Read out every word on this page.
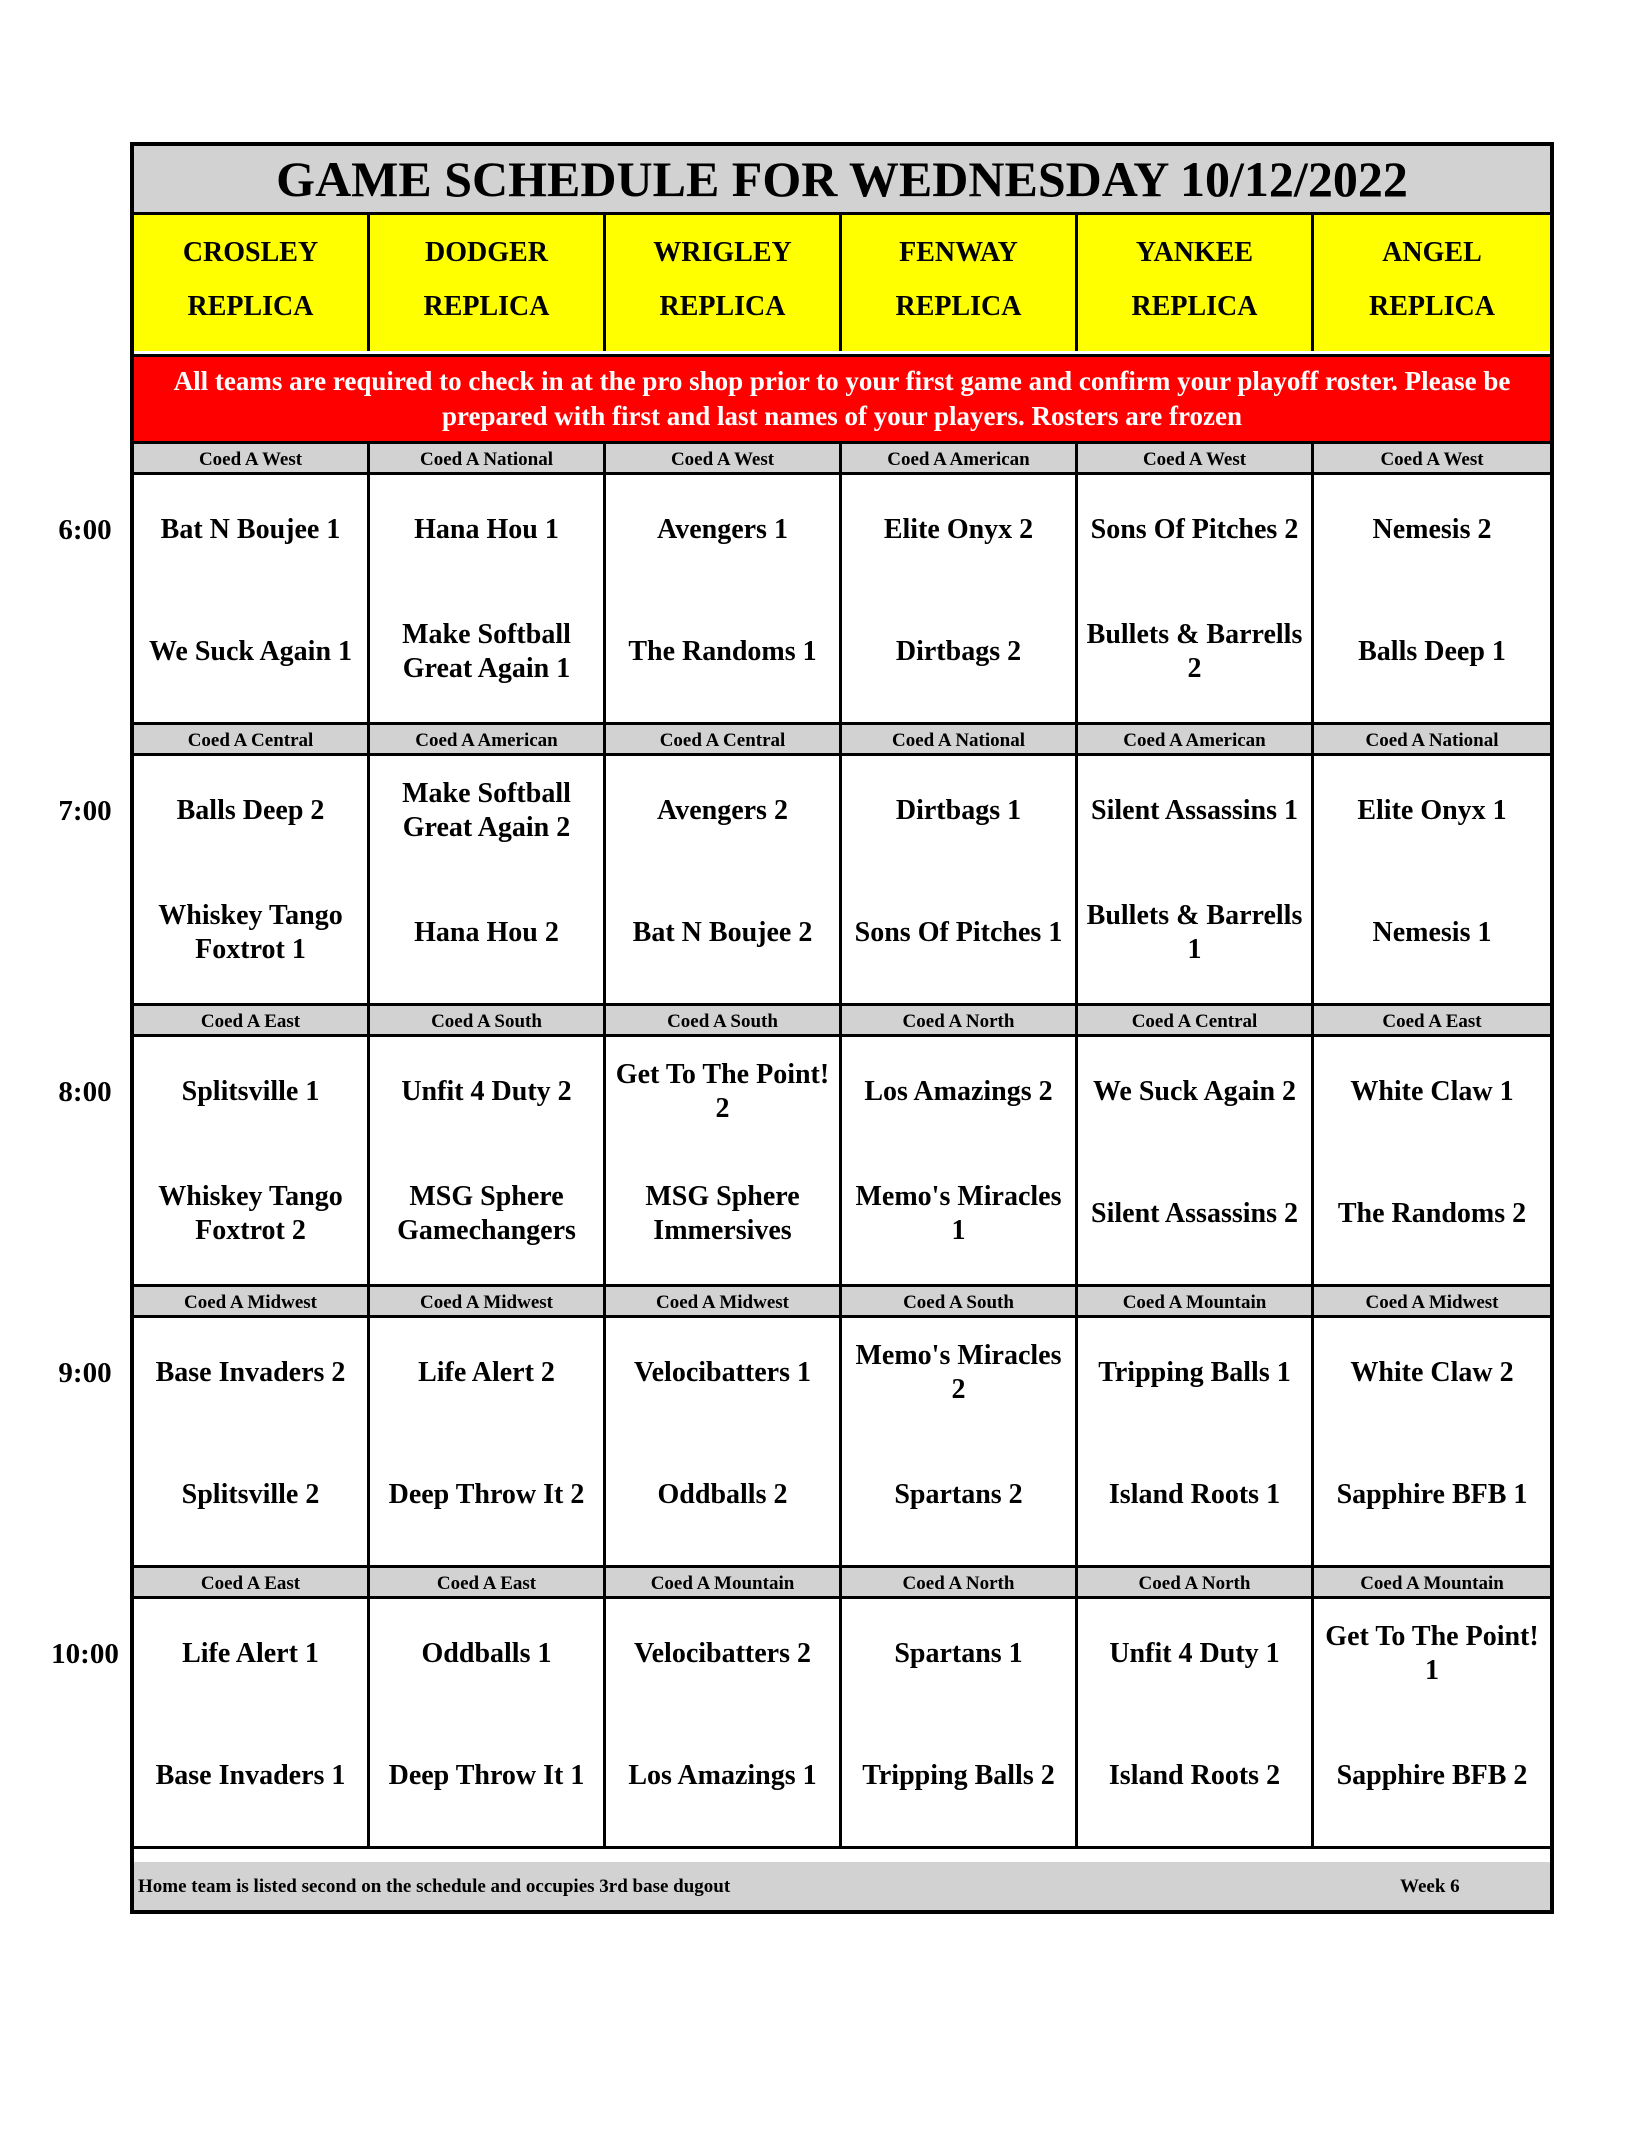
6:00
7:00
8:00
9:00
10:00
GAME SCHEDULE FOR WEDNESDAY 10/12/2022
CROSLEY
REPLICA
DODGER
REPLICA
WRIGLEY
REPLICA
FENWAY
REPLICA
YANKEE
REPLICA
ANGEL
REPLICA
All teams are required to check in at the pro shop prior to your first game and confirm your playoff roster. Please be prepared with first and last names of your players. Rosters are frozen
Coed A West
Bat N Boujee 1
We Suck Again 1
Coed A National
Hana Hou 1
Make Softball Great Again 1
Coed A West
Avengers 1
The Randoms 1
Coed A American
Elite Onyx 2
Dirtbags 2
Coed A West
Sons Of Pitches 2
Bullets & Barrells 2
Coed A West
Nemesis 2
Balls Deep 1
Coed A Central
Balls Deep 2
Whiskey Tango Foxtrot 1
Coed A American
Make Softball Great Again 2
Hana Hou 2
Coed A Central
Avengers 2
Bat N Boujee 2
Coed A National
Dirtbags 1
Sons Of Pitches 1
Coed A American
Silent Assassins 1
Bullets & Barrells 1
Coed A National
Elite Onyx 1
Nemesis 1
Coed A East
Splitsville 1
Whiskey Tango Foxtrot 2
Coed A South
Unfit 4 Duty 2
MSG Sphere Gamechangers
Coed A South
Get To The Point! 2
MSG Sphere Immersives
Coed A North
Los Amazings 2
Memo's Miracles 1
Coed A Central
We Suck Again 2
Silent Assassins 2
Coed A East
White Claw 1
The Randoms 2
Coed A Midwest
Base Invaders 2
Splitsville 2
Coed A Midwest
Life Alert 2
Deep Throw It 2
Coed A Midwest
Velocibatters 1
Oddballs 2
Coed A South
Memo's Miracles 2
Spartans 2
Coed A Mountain
Tripping Balls 1
Island Roots 1
Coed A Midwest
White Claw 2
Sapphire BFB 1
Coed A East
Life Alert 1
Base Invaders 1
Coed A East
Oddballs 1
Deep Throw It 1
Coed A Mountain
Velocibatters 2
Los Amazings 1
Coed A North
Spartans 1
Tripping Balls 2
Coed A North
Unfit 4 Duty 1
Island Roots 2
Coed A Mountain
Get To The Point! 1
Sapphire BFB 2
Home team is listed second on the schedule and occupies 3rd base dugout	Week 6
